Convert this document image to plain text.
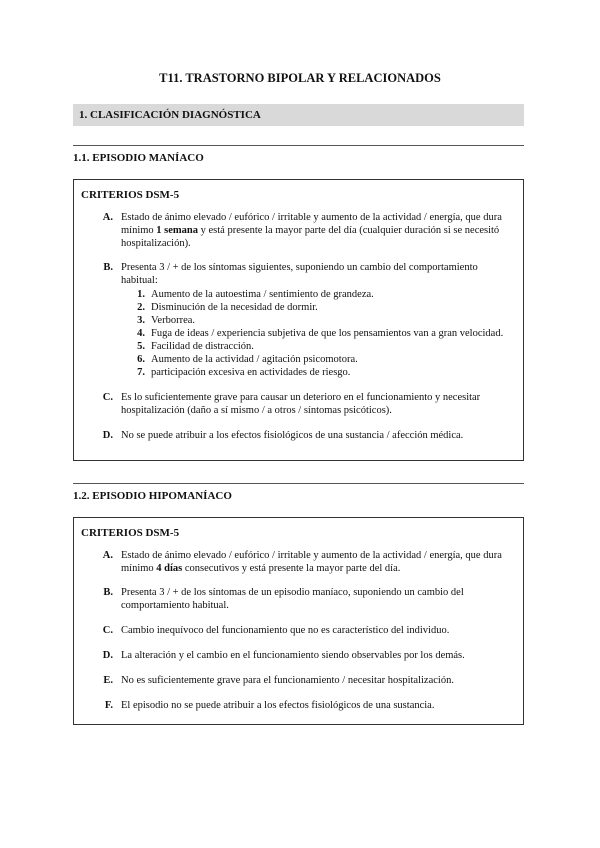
T11. TRASTORNO BIPOLAR Y RELACIONADOS
1. CLASIFICACIÓN DIAGNÓSTICA
1.1. EPISODIO MANÍACO
CRITERIOS DSM-5
A. Estado de ánimo elevado / eufórico / irritable y aumento de la actividad / energía, que dura mínimo 1 semana y está presente la mayor parte del día (cualquier duración si se necesitó hospitalización).
B. Presenta 3 / + de los síntomas siguientes, suponiendo un cambio del comportamiento habitual:
1. Aumento de la autoestima / sentimiento de grandeza.
2. Disminución de la necesidad de dormir.
3. Verborrea.
4. Fuga de ideas / experiencia subjetiva de que los pensamientos van a gran velocidad.
5. Facilidad de distracción.
6. Aumento de la actividad / agitación psicomotora.
7. participación excesiva en actividades de riesgo.
C. Es lo suficientemente grave para causar un deterioro en el funcionamiento y necesitar hospitalización (daño a sí mismo / a otros / síntomas psicóticos).
D. No se puede atribuir a los efectos fisiológicos de una sustancia / afección médica.
1.2. EPISODIO HIPOMANÍACO
CRITERIOS DSM-5
A. Estado de ánimo elevado / eufórico / irritable y aumento de la actividad / energía, que dura mínimo 4 días consecutivos y está presente la mayor parte del día.
B. Presenta 3 / + de los síntomas de un episodio maníaco, suponiendo un cambio del comportamiento habitual.
C. Cambio inequívoco del funcionamiento que no es característico del individuo.
D. La alteración y el cambio en el funcionamiento siendo observables por los demás.
E. No es suficientemente grave para el funcionamiento / necesitar hospitalización.
F. El episodio no se puede atribuir a los efectos fisiológicos de una sustancia.
